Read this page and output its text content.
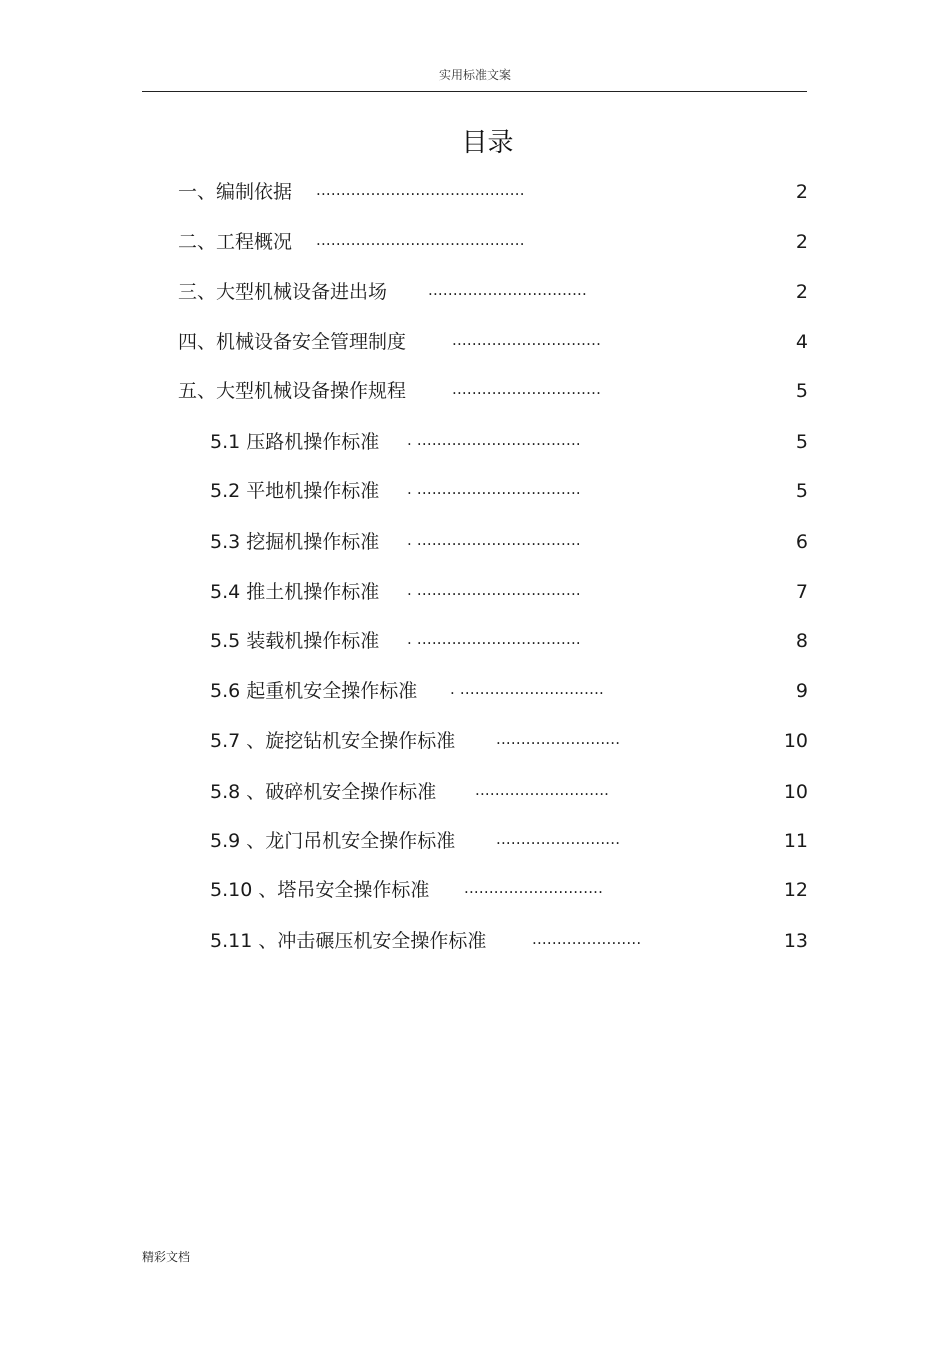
实用标准文案
目录
一、编制依据 ..........................................	2
二、工程概况 ..........................................	2
三、大型机械设备进出场	................................	2
四、机械设备安全管理制度	..............................	4
五、大型机械设备操作规程	..............................	5
5.1 压路机操作标准 . .................................	5
5.2 平地机操作标准 . .................................	5
5.3 挖掘机操作标准 . .................................	6
5.4 推土机操作标准 . .................................	7
5.5 装载机操作标准 . .................................	8
5.6 起重机安全操作标准 . .............................	9
5.7 、旋挖钻机安全操作标准	.........................	10
5.8 、破碎机安全操作标准	...........................	10
5.9 、龙门吊机安全操作标准	.........................	11
5.10 、塔吊安全操作标准 ............................	12
5.11 、冲击碾压机安全操作标准	......................	13
精彩文档
